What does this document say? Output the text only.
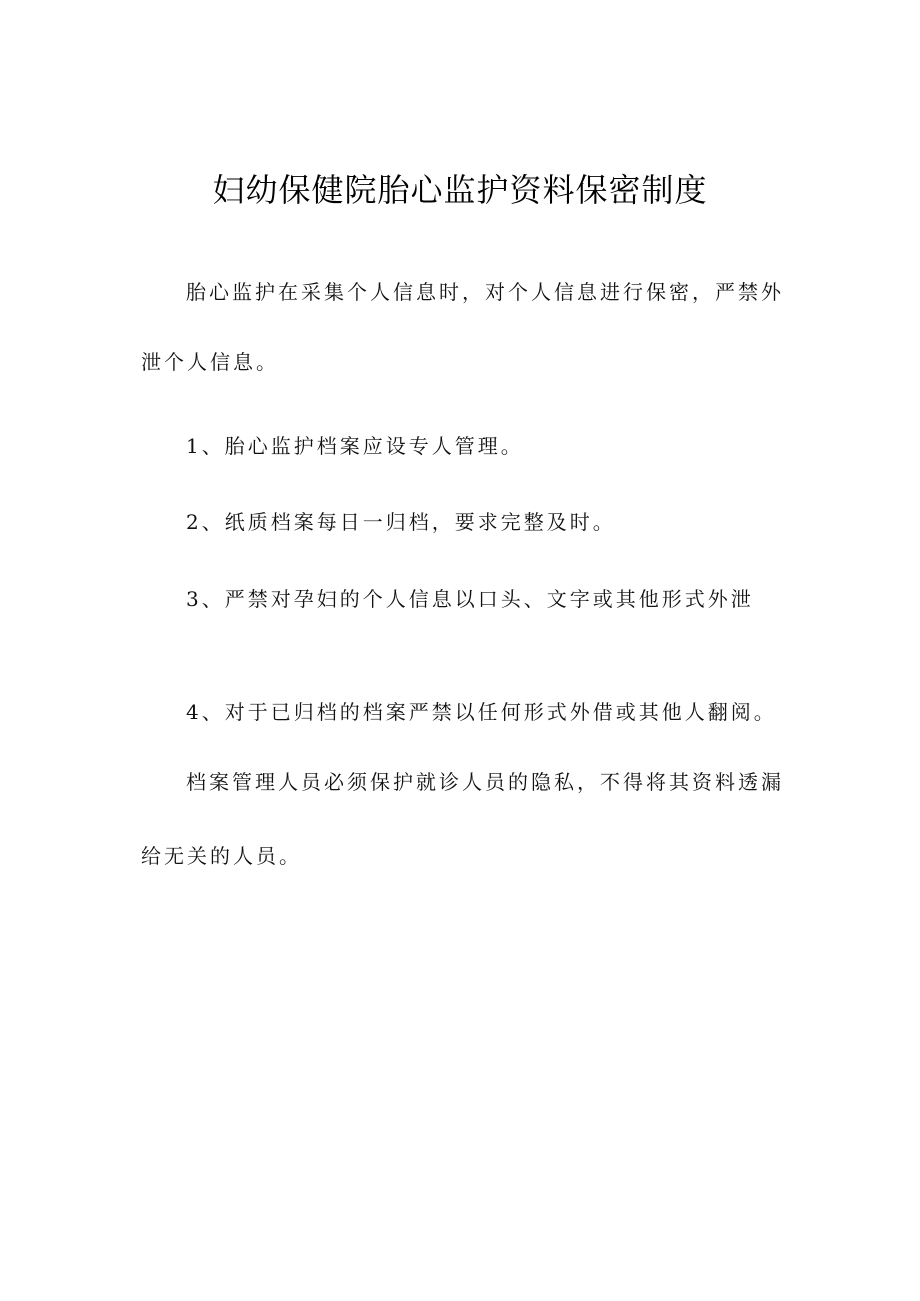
妇幼保健院胎心监护资料保密制度
胎心监护在采集个人信息时，对个人信息进行保密，严禁外
泄个人信息。
1、胎心监护档案应设专人管理。
2、纸质档案每日一归档，要求完整及时。
3、严禁对孕妇的个人信息以口头、文字或其他形式外泄
4、对于已归档的档案严禁以任何形式外借或其他人翻阅。
档案管理人员必须保护就诊人员的隐私，不得将其资料透漏
给无关的人员。
